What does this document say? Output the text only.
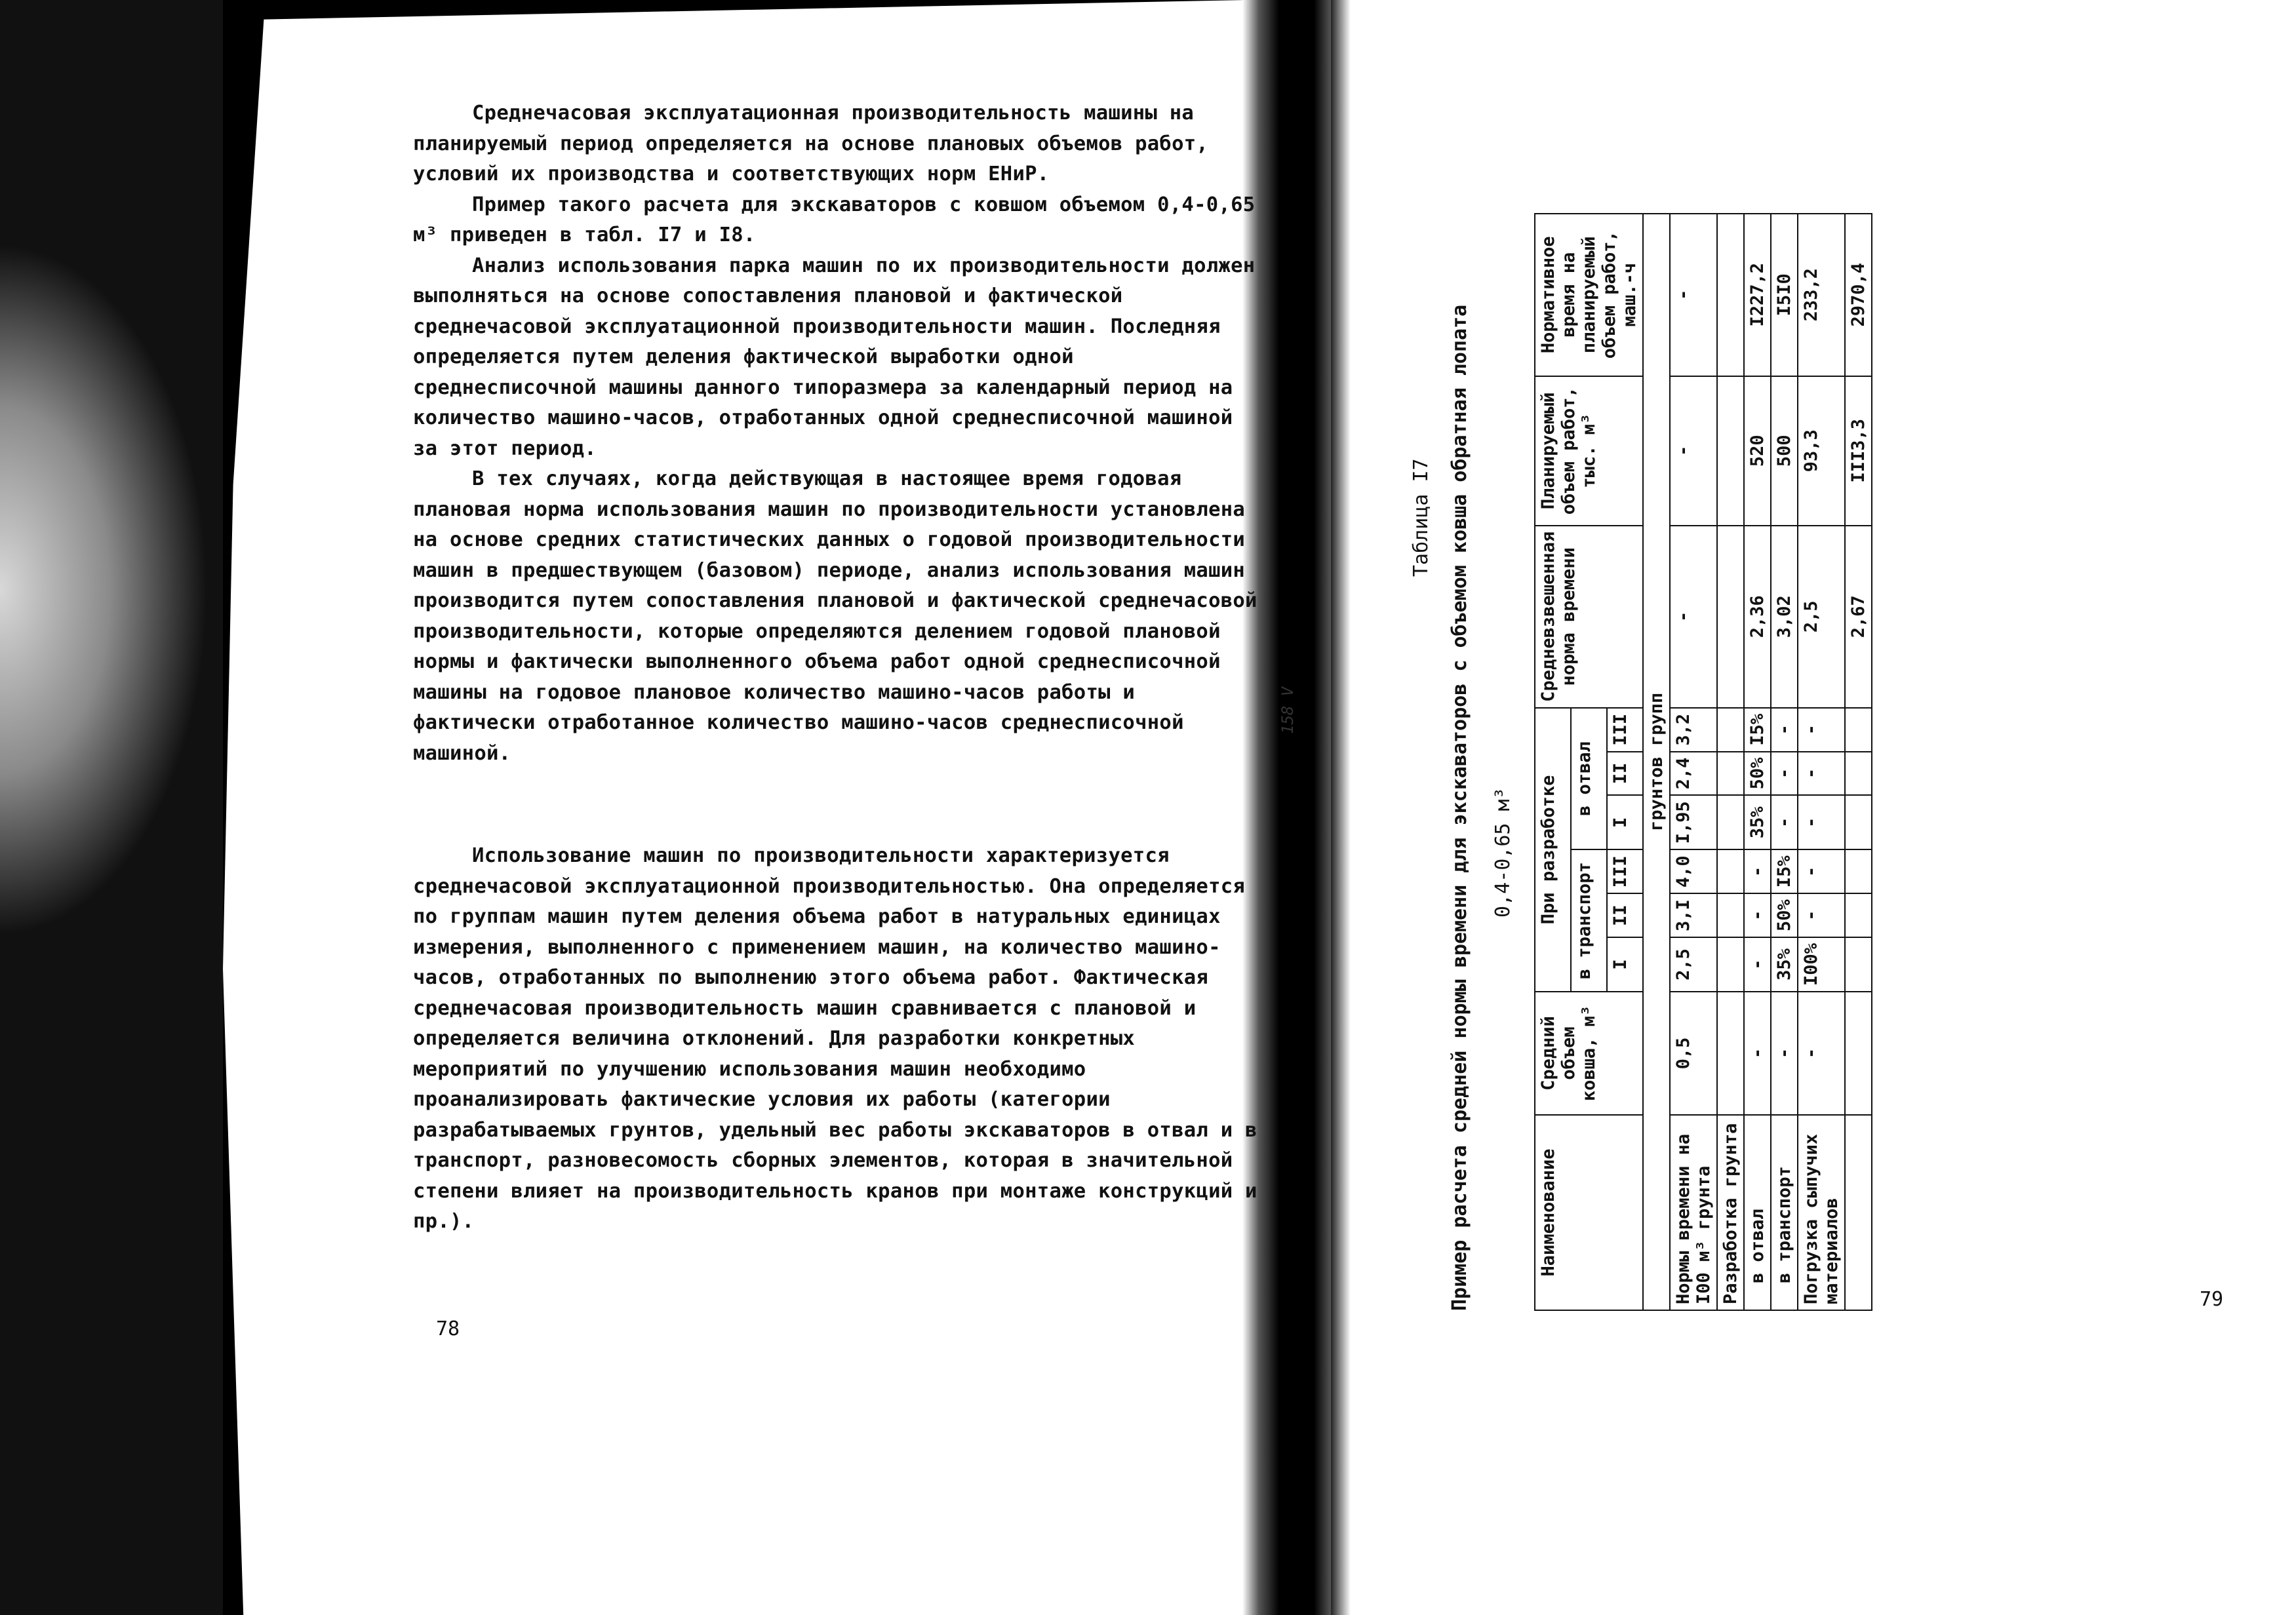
Среднечасовая эксплуатационная производительность машины на планируемый период определяется на основе плановых объемов работ, условий их производства и соответствующих норм ЕНиР.

Пример такого расчета для экскаваторов с ковшом объемом 0,4-0,65 м³ приведен в табл. I7 и I8.

Анализ использования парка машин по их производительности должен выполняться на основе сопоставления плановой и фактической среднечасовой эксплуатационной производительности машин. Последняя определяется путем деления фактической выработки одной среднесписочной машины данного типоразмера за календарный период на количество машино-часов, отработанных одной среднесписочной машиной за этот период.

В тех случаях, когда действующая в настоящее время годовая плановая норма использования машин по производительности установлена на основе средних статистических данных о годовой производительности машин в предшествующем (базовом) периоде, анализ использования машин производится путем сопоставления плановой и фактической среднечасовой производительности, которые определяются делением годовой плановой нормы и фактически выполненного объема работ одной среднесписочной машины на годовое плановое количество машино-часов работы и фактически отработанное количество машино-часов среднесписочной машиной.

Использование машин по производительности характеризуется среднечасовой эксплуатационной производительностью. Она определяется по группам машин путем деления объема работ в натуральных единицах измерения, выполненного с применением машин, на количество машино-часов, отработанных по выполнению этого объема работ. Фактическая среднечасовая производительность машин сравнивается с плановой и определяется величина отклонений. Для разработки конкретных мероприятий по улучшению использования машин необходимо проанализировать фактические условия их работы (категории разрабатываемых грунтов, удельный вес работы экскаваторов в отвал и в транспорт, разновесомость сборных элементов, которая в значительной степени влияет на производительность кранов при монтаже конструкций и пр.).

78
79
Таблица I7
158 V	Пример расчета средней нормы времени для экскаваторов с объемом ковша обратная лопата 0,4-0,65 м³
Наименование	Средний объем ковша, м³	При разработке						Средневзвешенная норма времени	Планируемый объем работ, тыс. м³	Нормативное время на планируемый объем работ, маш.-ч
		в транспорт			в отвал					
		I	II	III	I	II	III			
грунтов групп										
Нормы времени на I00 м³ грунта	0,5	2,5	3,I	4,0	I,95	2,4	3,2	-	-	-
Разработка грунта										
в отвал	-	-	-	-	35%	50%	I5%	2,36	520	I227,2
в транспорт	-	35%	50%	I5%	-	-	-	3,02	500	I5I0
Погрузка сыпучих материалов	-	I00%	-	-	-	-	-	2,5	93,3	233,2
								2,67	III3,3	2970,4
